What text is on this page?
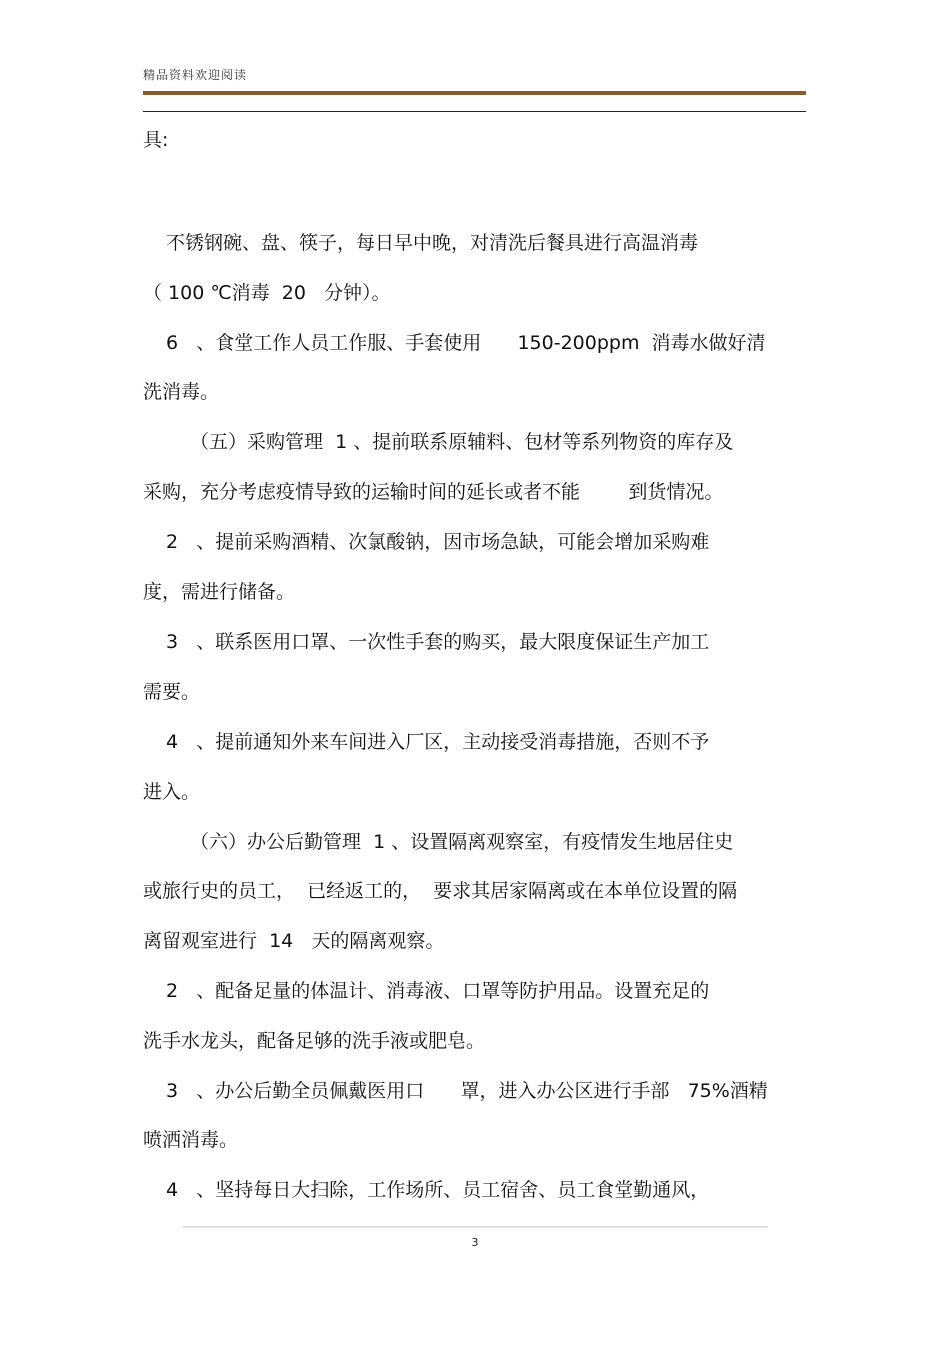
精品资料欢迎阅读
具:
不锈钢碗、盘、筷子，每日早中晚，对清洗后餐具进行高温消毒
（ 100 ℃消毒  20   分钟）。
6   、食堂工作人员工作服、手套使用      150-200ppm  消毒水做好清
洗消毒。
（五）采购管理  1 、提前联系原辅料、包材等系列物资的库存及
采购，充分考虑疫情导致的运输时间的延长或者不能        到货情况。
2   、提前采购酒精、次氯酸钠，因市场急缺，可能会增加采购难
度，需进行储备。
3   、联系医用口罩、一次性手套的购买，最大限度保证生产加工
需要。
4   、提前通知外来车间进入厂区，主动接受消毒措施，否则不予
进入。
（六）办公后勤管理  1 、设置隔离观察室，有疫情发生地居住史
或旅行史的员工，  已经返工的，  要求其居家隔离或在本单位设置的隔
离留观室进行  14   天的隔离观察。
2   、配备足量的体温计、消毒液、口罩等防护用品。设置充足的
洗手水龙头，配备足够的洗手液或肥皂。
3   、办公后勤全员佩戴医用口      罩，进入办公区进行手部   75%酒精
喷洒消毒。
4   、坚持每日大扫除，工作场所、员工宿舍、员工食堂勤通风，
3
